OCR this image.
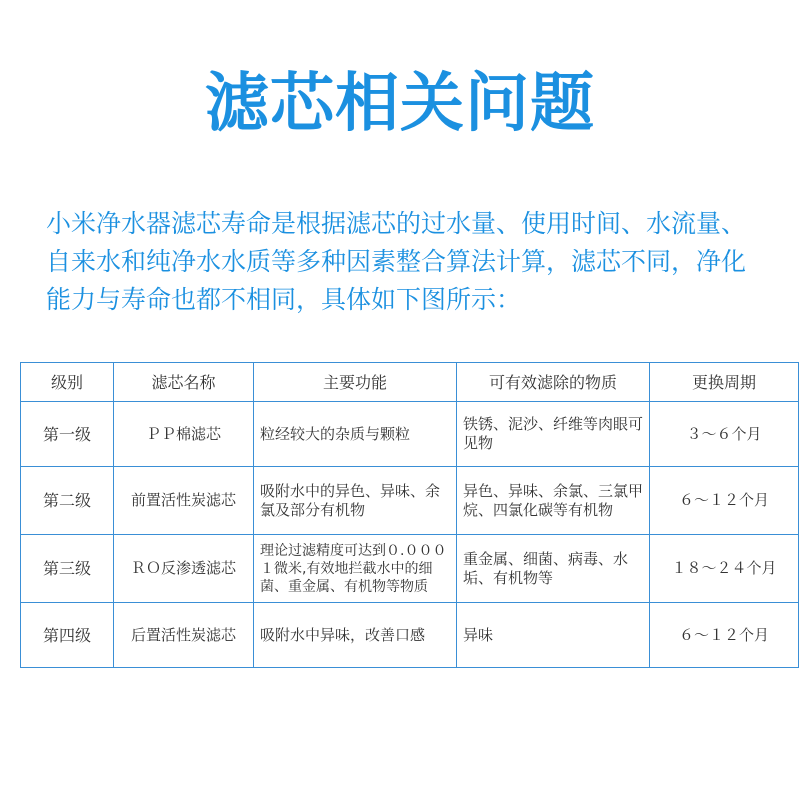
滤芯相关问题
小米净水器滤芯寿命是根据滤芯的过水量、使用时间、水流量、
自来水和纯净水水质等多种因素整合算法计算，滤芯不同，净化
能力与寿命也都不相同，具体如下图所示：
级别	滤芯名称	主要功能	可有效滤除的物质	更换周期
第一级	ＰＰ棉滤芯	粒经较大的杂质与颗粒	铁锈、泥沙、纤维等肉眼可见物	３～６个月
第二级	前置活性炭滤芯	吸附水中的异色、异味、余氯及部分有机物	异色、异味、余氯、三氯甲烷、四氯化碳等有机物	６～１２个月
第三级	ＲＯ反渗透滤芯	理论过滤精度可达到０.０００１微米,有效地拦截水中的细菌、重金属、有机物等物质	重金属、细菌、病毒、水垢、有机物等	１８～２４个月
第四级	后置活性炭滤芯	吸附水中异味，改善口感	异味	６～１２个月
